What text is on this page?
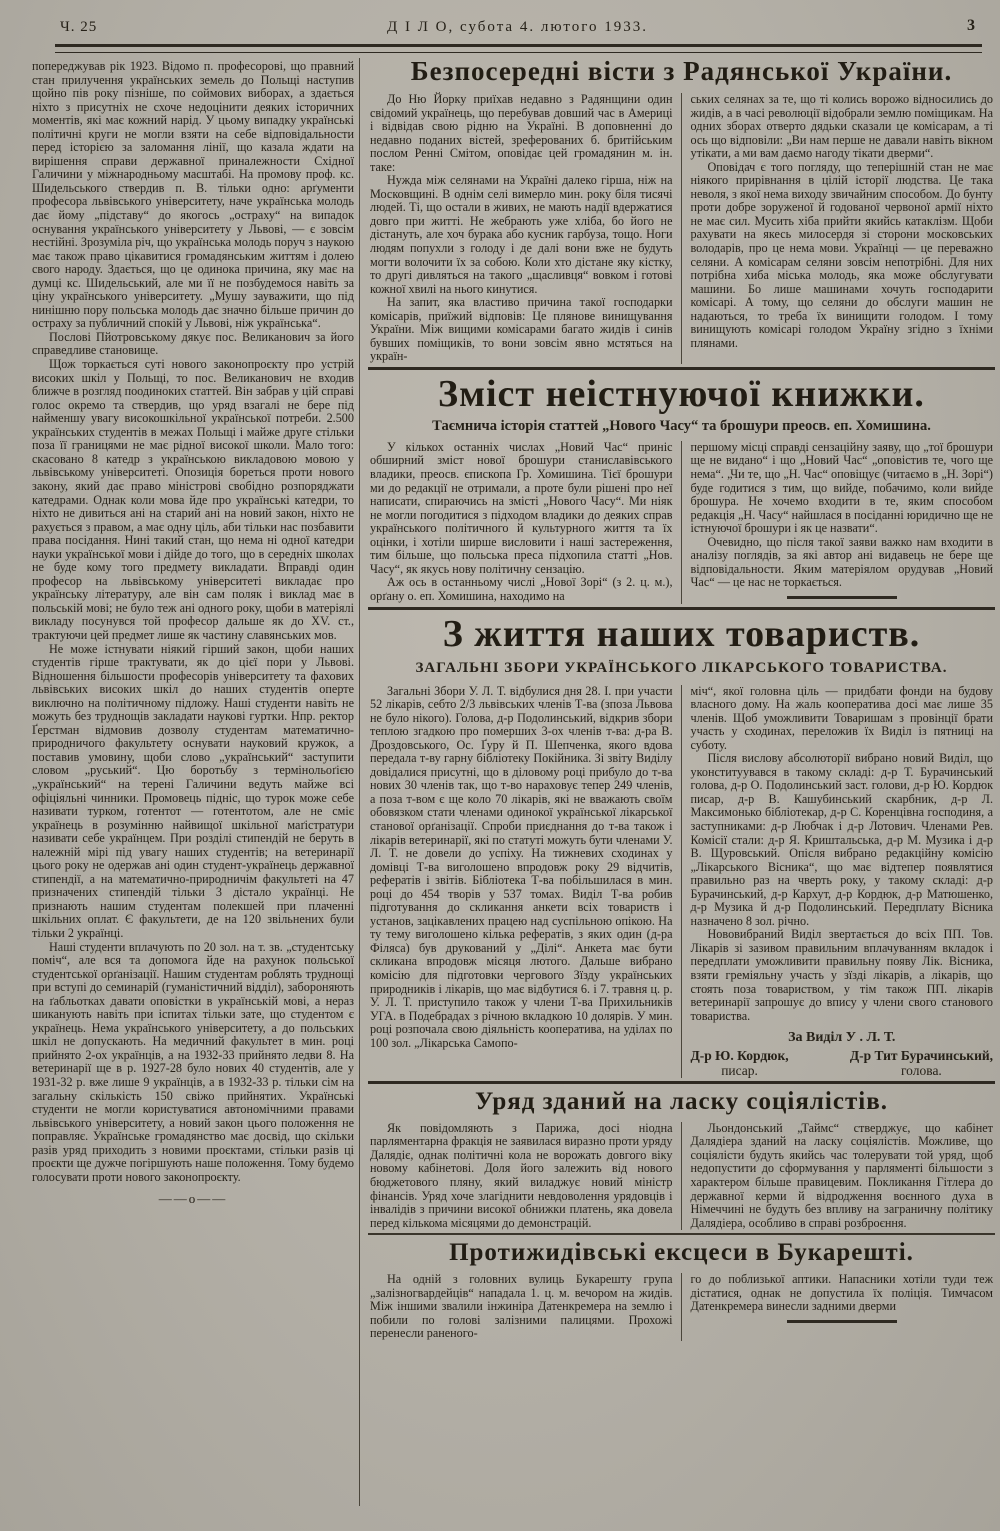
Ч. 25	Д І Л О, субота 4. лютого 1933.	3

попереджував рік 1923. Відомо п. професорові, що правний стан прилучення українських земель до Польщі наступив щойно пів року пізніше, по соймових виборах, а здається ніхто з присутніх не схоче недоцінити деяких історичних моментів, які має кожний нарід. У цьому випадку українські політичні круги не могли взяти на себе відповідальности перед історією за заломання лінії, що казала ждати на вирішення справи державної приналежности Східної Галичини у міжнародньому масштабі. На промову проф. кс. Шидельського ствердив п. В. тільки одно: арґументи професора львівського університету, наче українська молодь дає йому „підставу“ до якогось „остраху“ на випадок оснування українського університету у Львові, — є зовсім нестійні. Зрозуміла річ, що українська молодь поруч з наукою має також право цікавитися громадянським життям і долею свого народу. Здається, що це одинока причина, яку має на думці кс. Шидельський, але ми її не позбудемося навіть за ціну українського університету. „Мушу зауважити, що під нинішню пору польська молодь дає значно більше причин до остраху за публичний спокій у Львові, ніж українська“.

Послові Пйотровському дякує пос. Великанович за його справедливе становище.

Щож торкається суті нового законопроєкту про устрій високих шкіл у Польщі, то пос. Великанович не входив ближче в розгляд поодиноких статтей. Він забрав у цій справі голос окремо та ствердив, що уряд взагалі не бере під найменшу увагу високошкільної української потреби. 2.500 українських студентів в межах Польщі і майже друге стільки поза її границями не має рідної високої школи. Мало того: скасовано 8 катедр з українською викладовою мовою у львівському університеті. Опозиція бореться проти нового закону, який дає право міністрові свобідно розпоряджати катедрами. Однак коли мова йде про українські катедри, то ніхто не дивиться ані на старий ані на новий закон, ніхто не рахується з правом, а має одну ціль, аби тільки нас позбавити права посідання. Нині такий стан, що нема ні одної катедри науки української мови і дійде до того, що в середніх школах не буде кому того предмету викладати. Вправді один професор на львівському університеті викладає про українську літературу, але він сам поляк і виклад має в польській мові; не було теж ані одного року, щоби в матеріялі викладу посунувся той професор дальше як до XV. ст., трактуючи цей предмет лише як частину славянських мов.

Не може істнувати ніякий гірший закон, щоби наших студентів гірше трактувати, як до цієї пори у Львові. Відношення більшости професорів університету та фахових львівських високих шкіл до наших студентів оперте виключно на політичному підложу. Наші студенти навіть не можуть без труднощів закладати наукові гуртки. Нпр. ректор Ґерстман відмовив дозволу студентам математично-природничого факультету оснувати науковий кружок, а поставив умовину, щоби слово „український“ заступити словом „руський“. Цю боротьбу з термінольоґією „український“ на терені Галичини ведуть майже всі офіціяльні чинники. Промовець підніс, що турок може себе називати турком, готентот — готентотом, але не сміє українець в розумінню найвищої шкільної маґістратури називати себе українцем. При розділі стипендій не беруть в належній мірі під увагу наших студентів; на ветеринарії цього року не одержав ані один студент-українець державної стипендії, а на математично-природничім факультеті на 47 призначених стипендій тільки 3 дістало українці. Не признають нашим студентам полекшей при плаченні шкільних оплат. Є факультети, де на 120 звільнених були тільки 2 українці.

Наші студенти вплачують по 20 зол. на т. зв. „студентську поміч“, але вся та допомога йде на рахунок польської студентської орґанізації. Нашим студентам роблять труднощі при вступі до семинарій (гуманістичний відділ), забороняють на ґабльотках давати оповістки в українській мові, а нераз шиканують навіть при іспитах тільки зате, що студентом є українець. Нема українського університету, а до польських шкіл не допускають. На медичний факультет в мин. році прийнято 2-ох українців, а на 1932-33 прийнято ледви 8. На ветеринарії ще в р. 1927-28 було нових 40 студентів, але у 1931-32 р. вже лише 9 українців, а в 1932-33 р. тільки сім на загальну скількість 150 свіжо прийнятих. Українські студенти не могли користуватися автономічними правами львівського університету, а новий закон цього положення не поправляє. Українське громадянство має досвід, що скільки разів уряд приходить з новими проєктами, стільки разів ці проєкти ще дужче погіршують наше положення. Тому будемо голосувати проти нового законопроєкту.

——о——
Безпосередні вісти з Радянської України.

До Ню Йорку приїхав недавно з Радянщини один свідомий українець, що перебував довший час в Америці і відвідав свою рідню на Україні. В доповненні до недавно поданих вістей, зреферованих б. бритійським послом Ренні Смітом, оповідає цей громадянин м. ін. таке:

Нужда між селянами на Україні далеко гірша, ніж на Московщині. В однім селі вимерло мин. року біля тисячі людей. Ті, що остали в живих, не мають надії вдержатися довго при житті. Не жебрають уже хліба, бо його не дістануть, але хоч бурака або кусник гарбуза, тощо. Ноги людям попухли з голоду і де далі вони вже не будуть могти волочити їх за собою. Коли хто дістане яку кістку, то другі дивляться на такого „щасливця“ вовком і готові кожної хвилі на нього кинутися.

На запит, яка властиво причина такої господарки комісарів, приїжий відповів: Це плянове винищування України. Між вищими комісарами багато жидів і синів бувших поміщиків, то вони зовсім явно мстяться на україн-

ських селянах за те, що ті колись ворожо відносились до жидів, а в часі революції відобрали землю поміщикам. На одних зборах отверто дядьки сказали це комісарам, а ті ось що відповіли: „Ви нам перше не давали навіть вікном утікати, а ми вам даємо нагоду тікати дверми“.

Оповідач є того погляду, що теперішній стан не має ніякого прирівнання в цілій історії людства. Це така неволя, з якої нема виходу звичайним способом. До бунту проти добре зоруженої й годованої червоної армії ніхто не має сил. Мусить хіба прийти якийсь катаклізм. Щоби рахувати на якесь милосердя зі сторони московських володарів, про це нема мови. Українці — це переважно селяни. А комісарам селяни зовсім непотрібні. Для них потрібна хиба міська молодь, яка може обслугувати машини. Бо лише машинами хочуть господарити комісарі. А тому, що селяни до обслуги машин не надаються, то треба їх винищити голодом. І тому винищують комісарі голодом Україну згідно з їхніми плянами.

Зміст неістнуючої книжки.
Таємнича історія статтей „Нового Часу“ та брошури преосв. еп. Хомишина.

У кількох останніх числах „Новий Час“ приніс обширний зміст нової брошури станиславівського владики, преосв. єпископа Гр. Хомишина. Тієї брошури ми до редакції не отримали, а проте були рішені про неї написати, спираючись на змісті „Нового Часу“. Ми ніяк не могли погодитися з підходом владики до деяких справ українського політичного й культурного життя та їх оцінки, і хотіли ширше висловити і наші застереження, тим більше, що польська преса підхопила статті „Нов. Часу“, як якусь нову політичну сензацію.

Аж ось в останньому числі „Нової Зорі“ (з 2. ц. м.), орґану о. еп. Хомишина, находимо на

першому місці справді сензаційну заяву, що „тої брошури ще не видано“ і що „Новий Час“ „оповістив те, чого ще нема“. „Чи те, що „Н. Час“ оповіщує (читаємо в „Н. Зорі“) буде годитися з тим, що вийде, побачимо, коли вийде брошура. Не хочемо входити в те, яким способом редакція „Н. Часу“ найшлася в посіданні юридично ще не істнуючої брошури і як це назвати“.

Очевидно, що після такої заяви важко нам входити в аналізу поглядів, за які автор ані видавець не бере ще відповідальности. Яким матеріялом орудував „Новий Час“ — це нас не торкається.

З життя наших товариств.
ЗАГАЛЬНІ ЗБОРИ УКРАЇНСЬКОГО ЛІКАРСЬКОГО ТОВАРИСТВА.

Загальні Збори У. Л. Т. відбулися дня 28. І. при участи 52 лікарів, себто 2/3 львівських членів Т-ва (зпоза Львова не було нікого). Голова, д-р Подолинський, відкрив збори теплою згадкою про померших 3-ох членів т-ва: д-ра В. Дроздовського, Ос. Ґуру й П. Шепченка, якого вдова передала т-ву гарну бібліотеку Покійника. Зі звіту Виділу довідалися присутні, що в діловому році прибуло до т-ва нових 30 членів так, що т-во нараховує тепер 249 членів, а поза т-вом є ще коло 70 лікарів, які не вважають своїм обовязком стати членами одинокої української лікарської станової орґанізації. Спроби приєднання до т-ва також і лікарів ветеринарії, які по статуті можуть бути членами У. Л. Т. не довели до успіху. На тижневих сходинах у домівці Т-ва виголошено впродовж року 29 відчитів, рефератів і звітів. Бібліотека Т-ва побільшилася в мин. році до 454 творів у 537 томах. Виділ Т-ва робив підготування до скликання анкети всіх товариств і установ, зацікавлених працею над суспільною опікою. На ту тему виголошено кілька рефератів, з яких один (д-ра Філяса) був друкований у „Ділі“. Анкета має бути скликана впродовж місяця лютого. Дальше вибрано комісію для підготовки чергового Зїзду українських природників і лікарів, що має відбутися 6. і 7. травня ц. р. У. Л. Т. приступило також у члени Т-ва Прихильників УГА. в Подебрадах з річною вкладкою 10 долярів. У мин. році розпочала свою діяльність кооператива, на уділах по 100 зол. „Лікарська Самопо-

міч“, якої головна ціль — придбати фонди на будову власного дому. На жаль кооператива досі має лише 35 членів. Щоб уможливити Товаришам з провінції брати участь у сходинах, переложив їх Виділ із пятниці на суботу.

Після вислову абсолюторії вибрано новий Виділ, що уконституувався в такому складі: д-р Т. Бурачинський голова, д-р О. Подолинський заст. голови, д-р Ю. Кордюк писар, д-р В. Кашубинський скарбник, д-р Л. Максимонько бібліотекар, д-р С. Коренцівна господиня, а заступниками: д-р Любчак і д-р Лотович. Членами Рев. Комісії стали: д-р Я. Криштальська, д-р М. Музика і д-р В. Щуровський. Опісля вибрано редакційну комісію „Лікарського Вісника“, що має відтепер появлятися правильно раз на чверть року, у такому складі: д-р Бурачинський, д-р Кархут, д-р Кордюк, д-р Матюшенко, д-р Музика й д-р Подолинський. Передплату Вісника назначено 8 зол. річно.

Нововибраний Виділ звертається до всіх ПП. Тов. Лікарів зі зазивом правильним вплачуванням вкладок і передплати уможливити правильну появу Лік. Вісника, взяти греміяльну участь у зїзді лікарів, а лікарів, що стоять поза товариством, у тім також ПП. лікарів ветеринарії запрошує до впису у члени свого станового товариства.

За Виділ У . Л. Т.
Д-р Ю. Кордюк,
писар.
Д-р Тит Бурачинський,
голова.
Уряд зданий на ласку соціялістів.

Як повідомляють з Парижа, досі ніодна парляментарна фракція не заявилася виразно проти уряду Далядіє, однак політичні кола не ворожать довгого віку новому кабінетові. Доля його залежить від нового бюджетового пляну, який виладжує новий міністр фінансів. Уряд хоче злагіднити невдоволення урядовців і інвалідів з причини високої обнижки платень, яка довела перед кількома місяцями до демонстрацій.

Льондонський „Таймс“ стверджує, що кабінет Далядіера зданий на ласку соціялістів. Можливе, що соціялісти будуть якийсь час толерувати той уряд, щоб недопустити до сформування у парляменті більшости з характером більше правицевим. Покликання Гітлера до державної керми й відродження воєнного духа в Німеччині не будуть без впливу на заграничну політику Далядіера, особливо в справі розброєння.

Протижидівські ексцеси в Букарешті.

На одній з головних вулиць Букарешту група „залізногвардейців“ нападала 1. ц. м. вечором на жидів. Між іншими звалили інжиніра Датенкремера на землю і побили по голові залізними палицями. Прохожі перенесли раненого-

го до поблизької аптики. Напасники хотіли туди теж дістатися, однак не допустила їх поліція. Тимчасом Датенкремера винесли задними дверми
